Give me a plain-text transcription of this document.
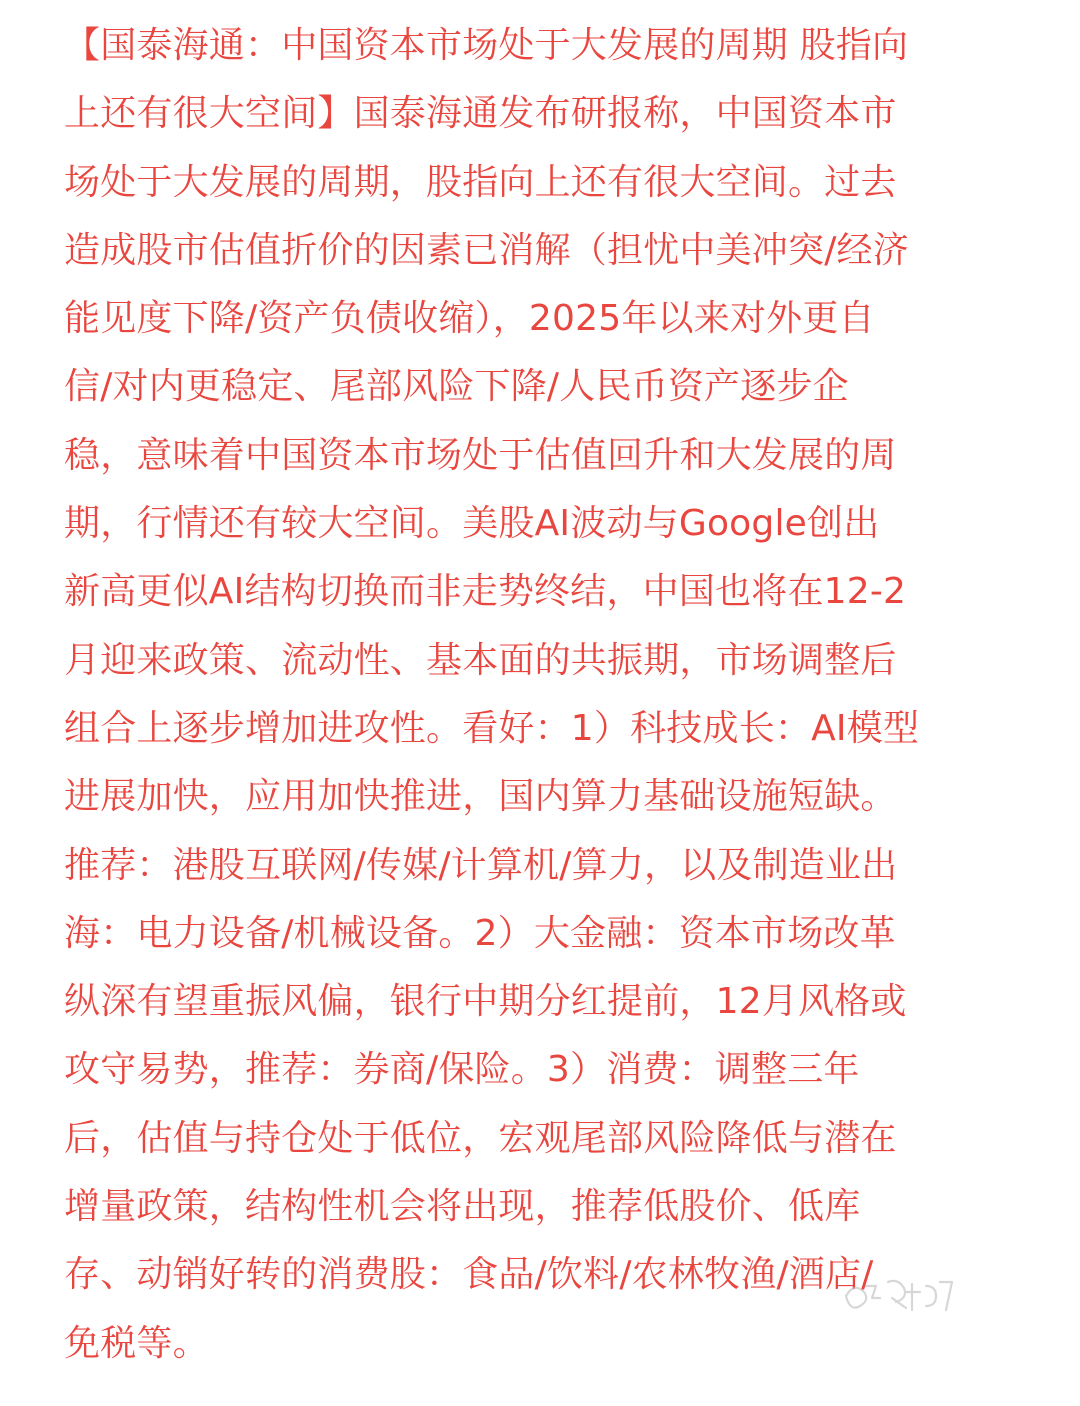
【国泰海通：中国资本市场处于大发展的周期 股指向
上还有很大空间】国泰海通发布研报称，中国资本市
场处于大发展的周期，股指向上还有很大空间。过去
造成股市估值折价的因素已消解（担忧中美冲突/经济
能见度下降/资产负债收缩），2025年以来对外更自
信/对内更稳定、尾部风险下降/人民币资产逐步企
稳，意味着中国资本市场处于估值回升和大发展的周
期，行情还有较大空间。美股AI波动与Google创出
新高更似AI结构切换而非走势终结，中国也将在12-2
月迎来政策、流动性、基本面的共振期，市场调整后
组合上逐步增加进攻性。看好：1）科技成长：AI模型
进展加快，应用加快推进，国内算力基础设施短缺。
推荐：港股互联网/传媒/计算机/算力，以及制造业出
海：电力设备/机械设备。2）大金融：资本市场改革
纵深有望重振风偏，银行中期分红提前，12月风格或
攻守易势，推荐：券商/保险。3）消费：调整三年
后，估值与持仓处于低位，宏观尾部风险降低与潜在
增量政策，结构性机会将出现，推荐低股价、低库
存、动销好转的消费股：食品/饮料/农林牧渔/酒店/
免税等。
